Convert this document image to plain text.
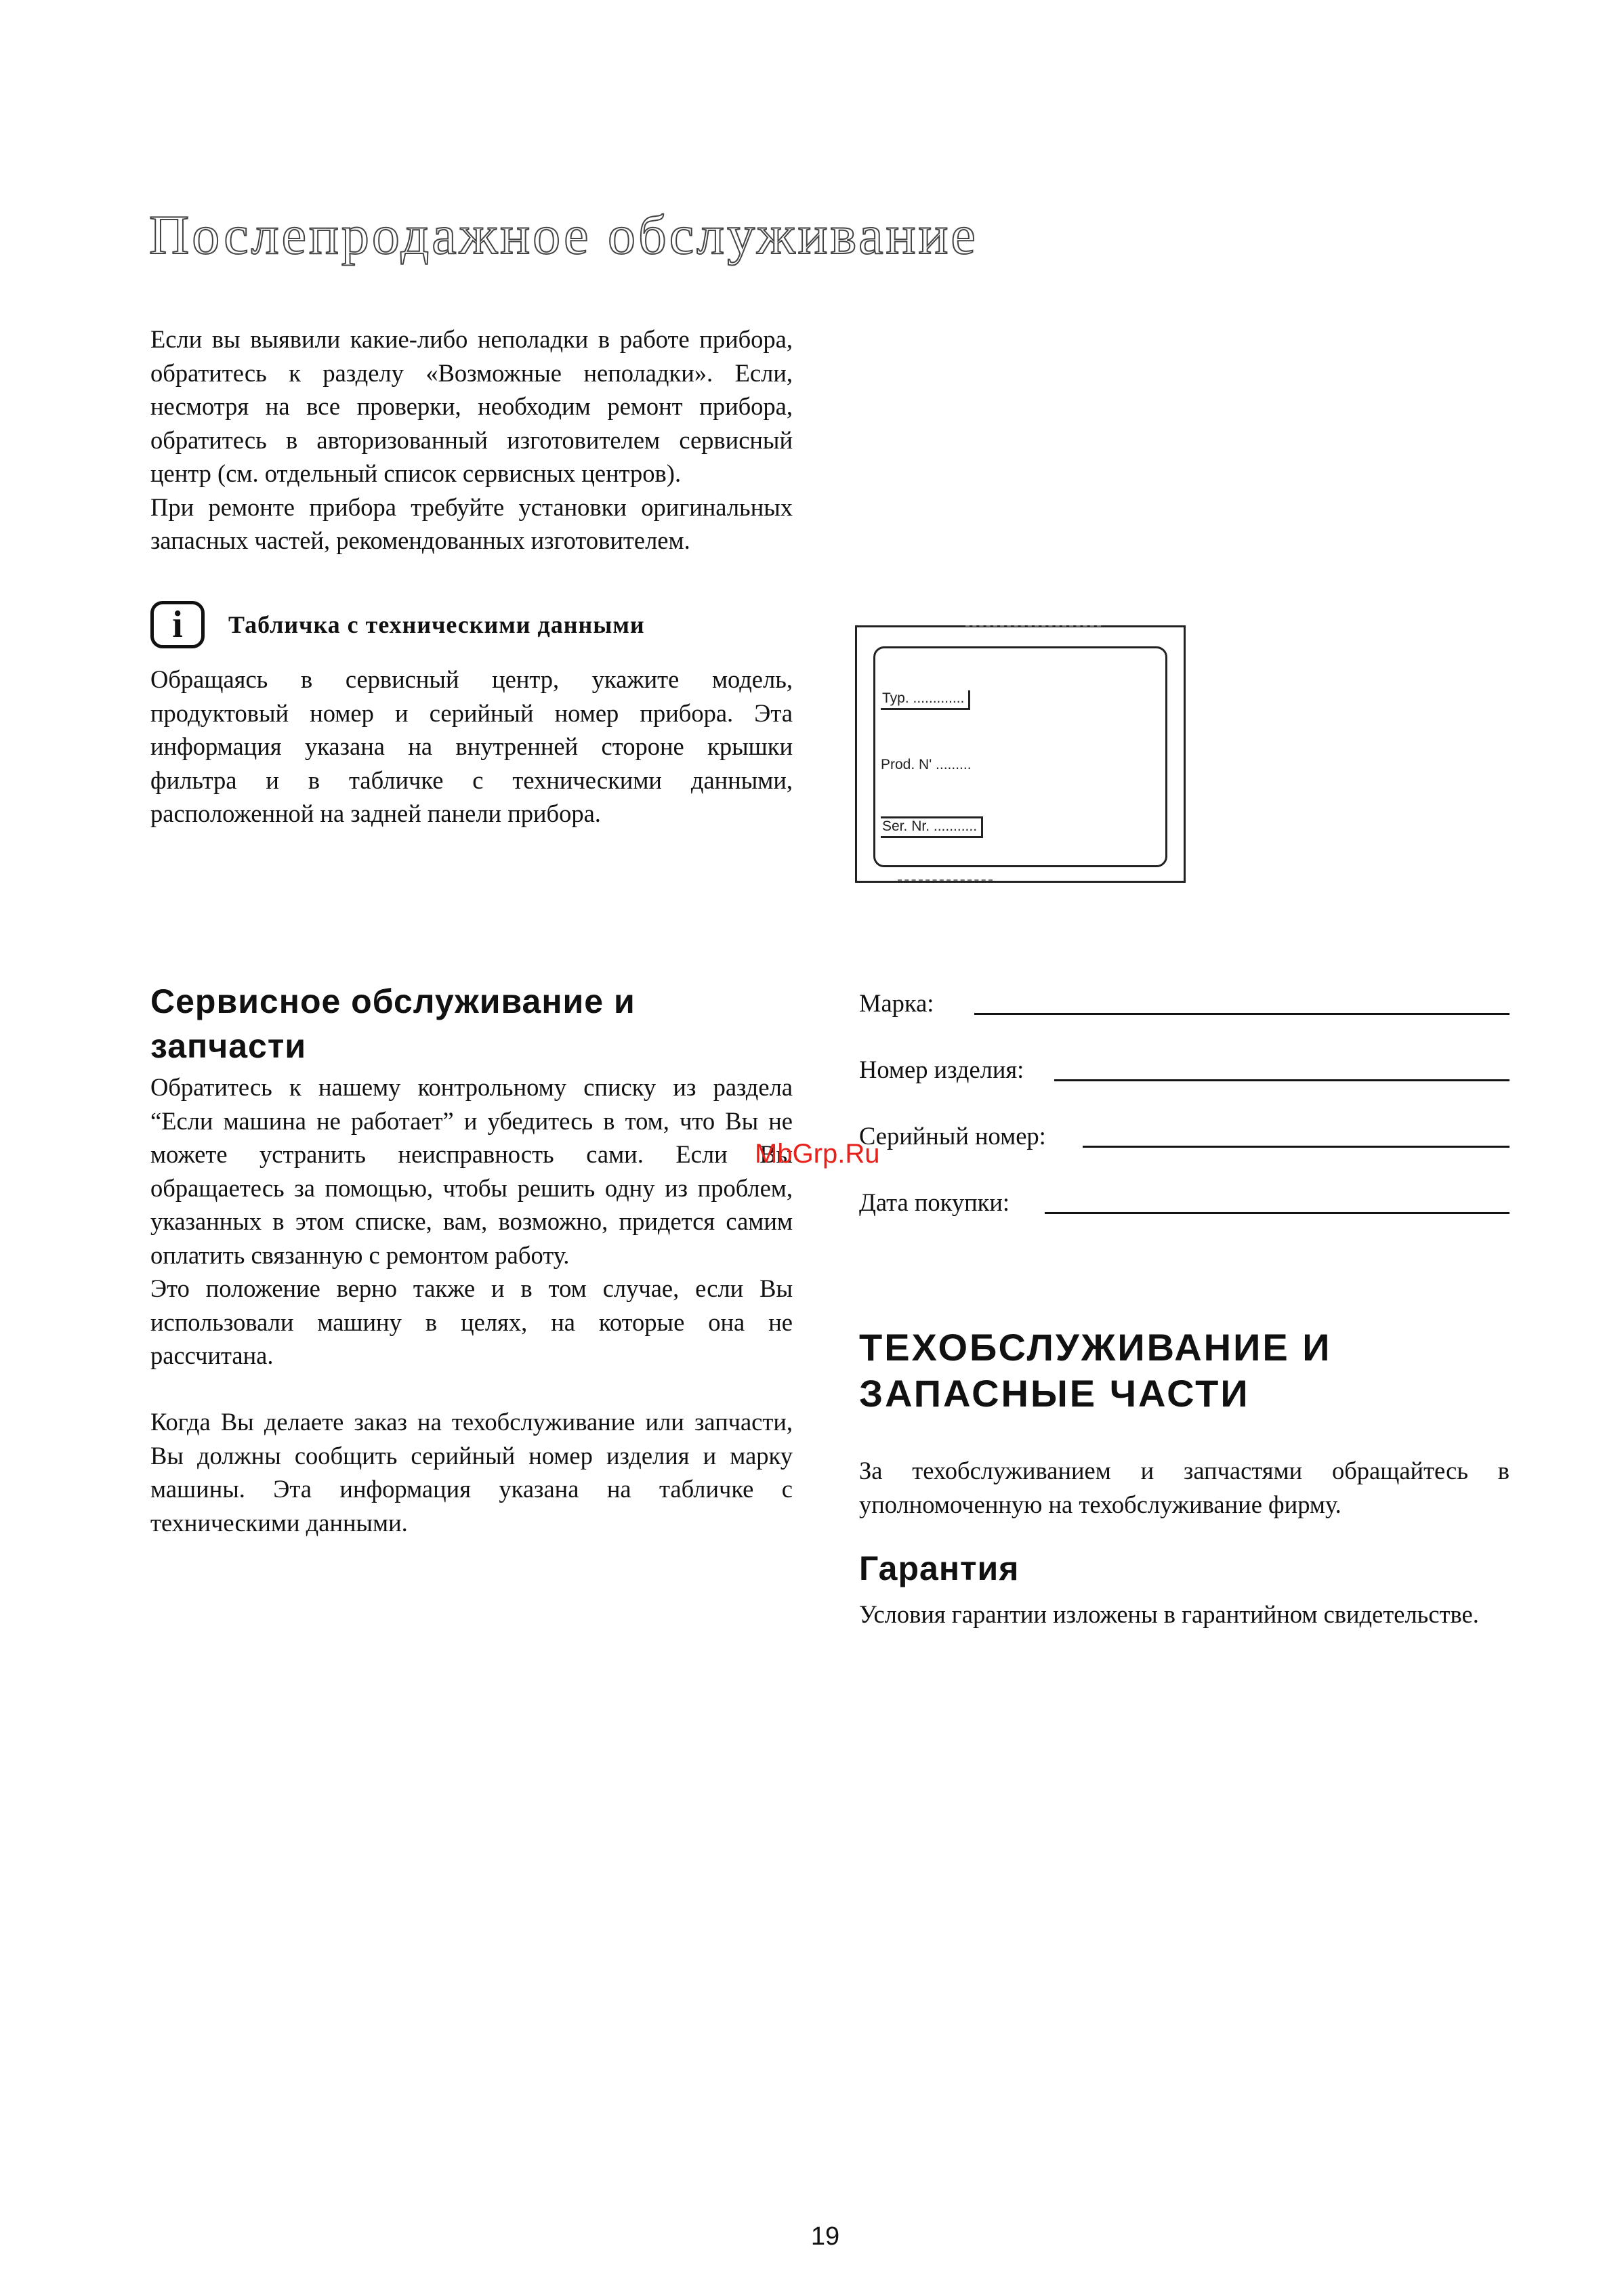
Послепродажное обслуживание

Если вы выявили какие-либо неполадки в работе прибора, обратитесь к разделу «Возможные неполадки». Если, несмотря на все проверки, необходим ремонт прибора, обратитесь в авторизованный изготовителем сервисный центр (см. отдельный список сервисных центров).

При ремонте прибора требуйте установки оригинальных запасных частей, рекомендованных изготовителем.

i	Табличка с техническими данными
Обращаясь в сервисный центр, укажите модель, продуктовый номер и серийный номер прибора. Эта информация указана на внутренней стороне крышки фильтра и в табличке с техническими данными, расположенной на задней панели прибора.
Typ. .............
Prod. N' .........
Ser. Nr. ...........
Сервисное обслуживание и запчасти

Обратитесь к нашему контрольному списку из раздела “Если машина не работает” и убедитесь в том, что Вы не можете устранить неисправность сами. Если Вы обращаетесь за помощью, чтобы решить одну из проблем, указанных в этом списке, вам, возможно, придется самим оплатить связанную с ремонтом работу.

Это положение верно также и в том случае, если Вы использовали машину в целях, на которые она не рассчитана.

Когда Вы делаете заказ на техобслуживание или запчасти, Вы должны сообщить серийный номер изделия и марку машины. Эта информация указана на табличке с техническими данными.
Марка:
Номер изделия:
Серийный номер:
Дата покупки:
MbGrp.Ru
ТЕХОБСЛУЖИВАНИЕ И
ЗАПАСНЫЕ ЧАСТИ
За техобслуживанием и запчастями обращайтесь в уполномоченную на техобслуживание фирму.
Гарантия
Условия гарантии изложены в гарантийном свидетельстве.
19
